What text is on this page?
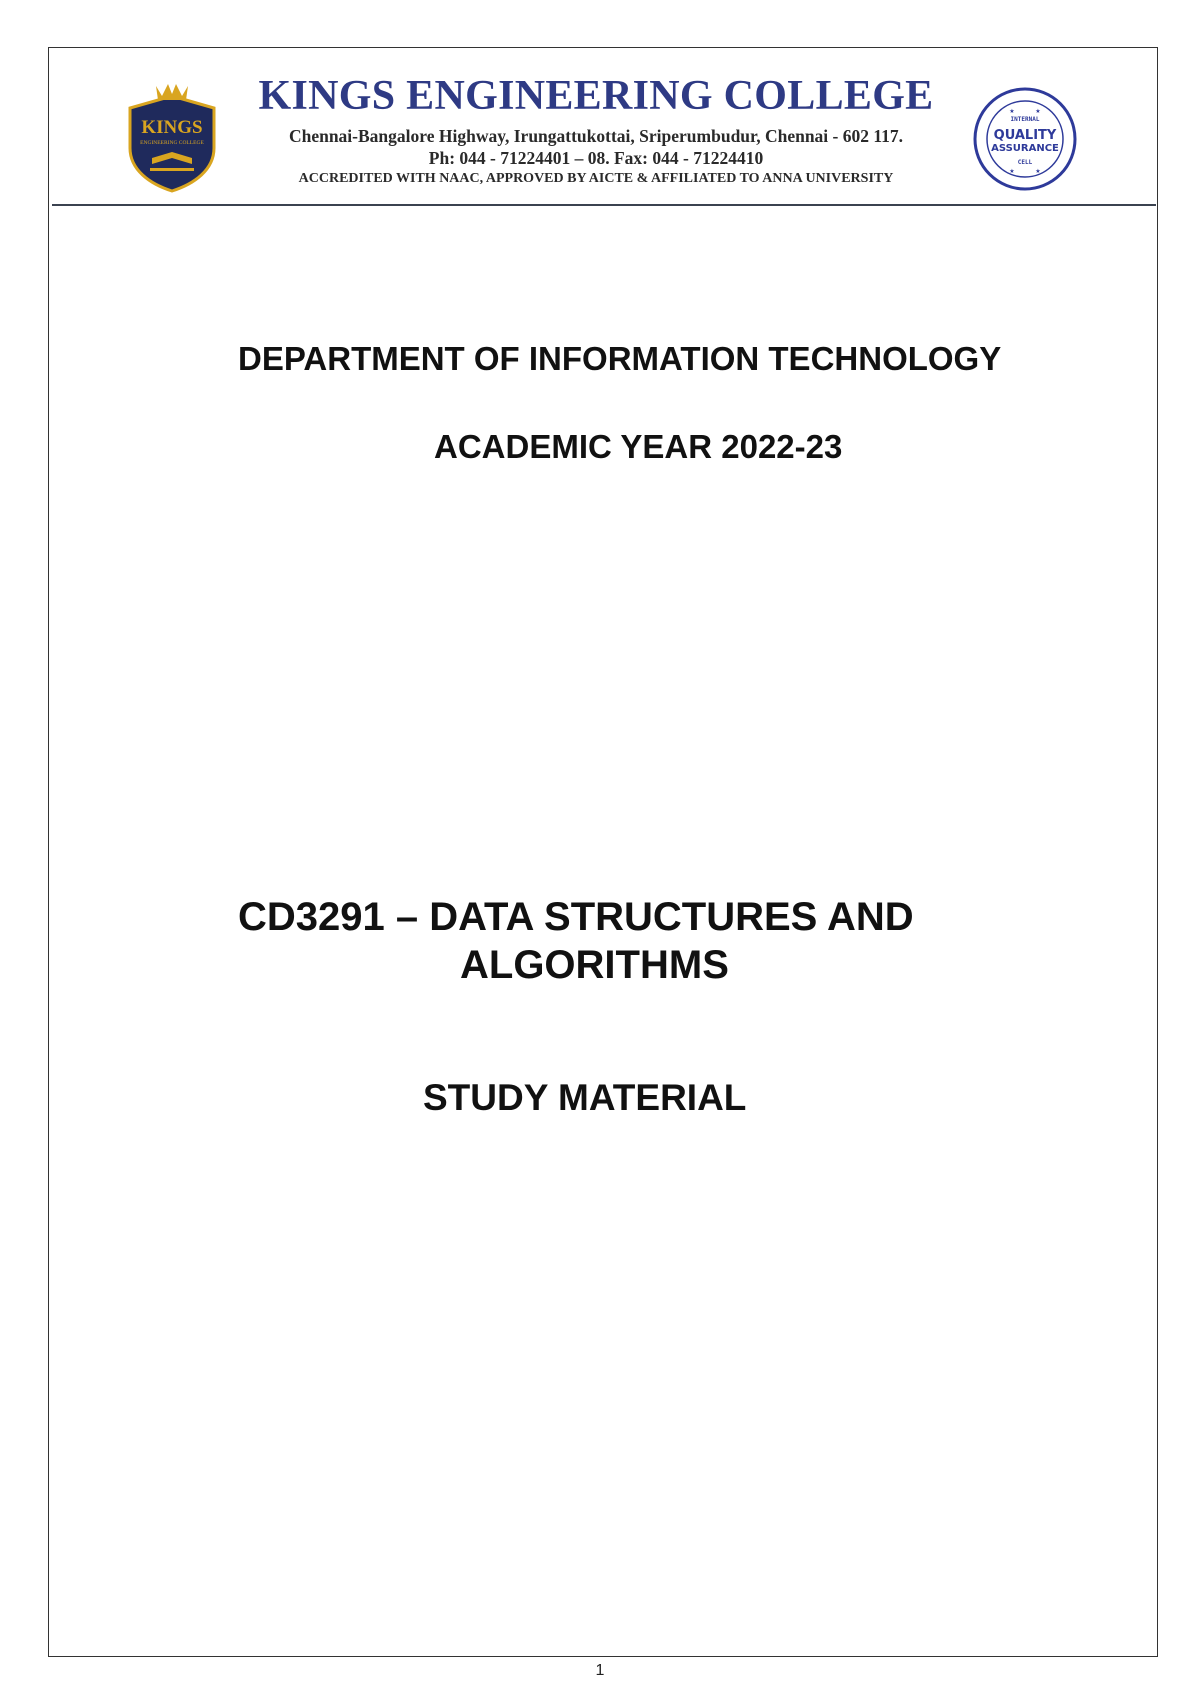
KINGS
ENGINEERING COLLEGE
INTERNAL
QUALITY
ASSURANCE
CELL
★	★
★	★
KINGS ENGINEERING COLLEGE
Chennai-Bangalore Highway, Irungattukottai, Sriperumbudur, Chennai - 602 117.
Ph: 044 - 71224401 – 08. Fax: 044 - 71224410
ACCREDITED WITH NAAC, APPROVED BY AICTE & AFFILIATED TO ANNA UNIVERSITY
DEPARTMENT OF INFORMATION TECHNOLOGY
ACADEMIC YEAR 2022-23
CD3291 – DATA STRUCTURES AND
ALGORITHMS
STUDY MATERIAL
1
